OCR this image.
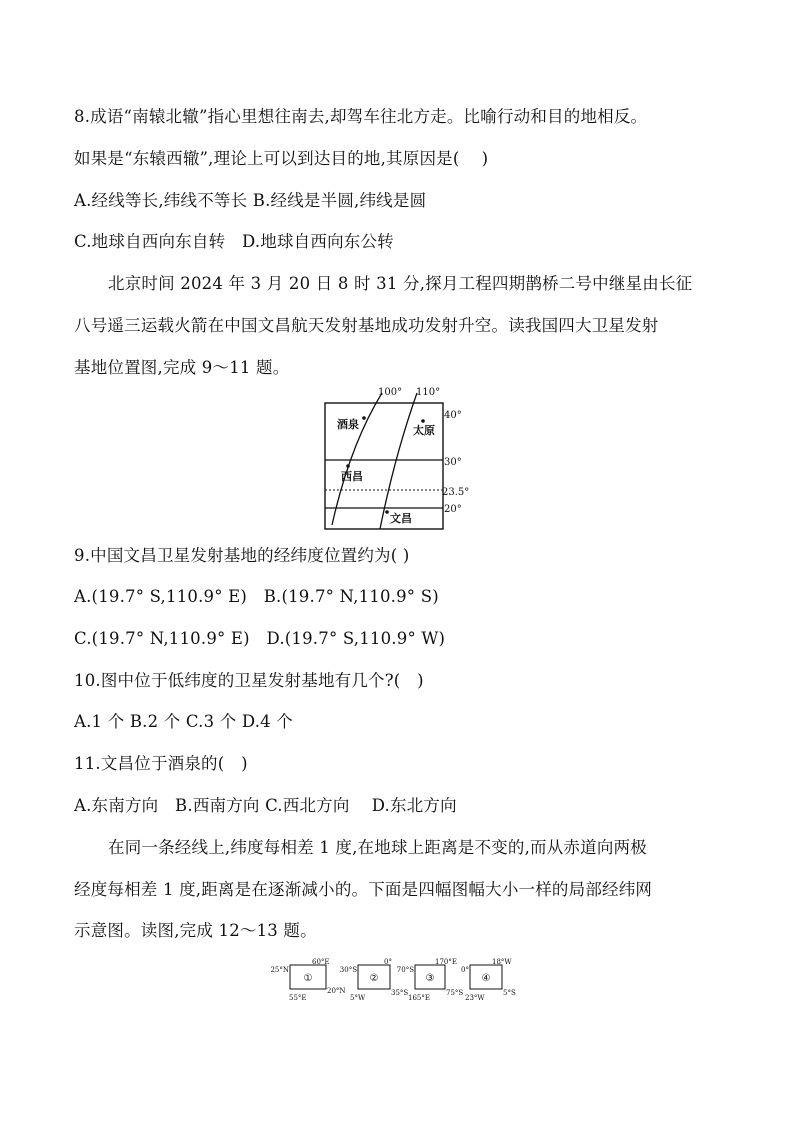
8.成语“南辕北辙”指心里想往南去,却驾车往北方走。比喻行动和目的地相反。
如果是“东辕西辙”,理论上可以到达目的地,其原因是(　 )
A.经线等长,纬线不等长 B.经线是半圆,纬线是圆
C.地球自西向东自转　D.地球自西向东公转
北京时间 2024 年 3 月 20 日 8 时 31 分,探月工程四期鹊桥二号中继星由长征
八号遥三运载火箭在中国文昌航天发射基地成功发射升空。读我国四大卫星发射
基地位置图,完成 9～11 题。
100° 110°
40°
30°
23.5°
20°
酒泉	太原
西昌
文昌
9.中国文昌卫星发射基地的经纬度位置约为( )
A.(19.7° S,110.9° E)　B.(19.7° N,110.9° S)
C.(19.7° N,110.9° E)　D.(19.7° S,110.9° W)
10.图中位于低纬度的卫星发射基地有几个?(　)
A.1 个 B.2 个 C.3 个 D.4 个
11.文昌位于酒泉的(　)
A.东南方向　B.西南方向 C.西北方向　 D.东北方向
在同一条经线上,纬度每相差 1 度,在地球上距离是不变的,而从赤道向两极
经度每相差 1 度,距离是在逐渐减小的。下面是四幅图幅大小一样的局部经纬网
示意图。读图,完成 12～13 题。
①
60°E
25°N
20°N
55°E
②
0°
30°S
35°S
5°W
③
170°E
70°S
75°S
165°E
④
18°W
0°
5°S
23°W
